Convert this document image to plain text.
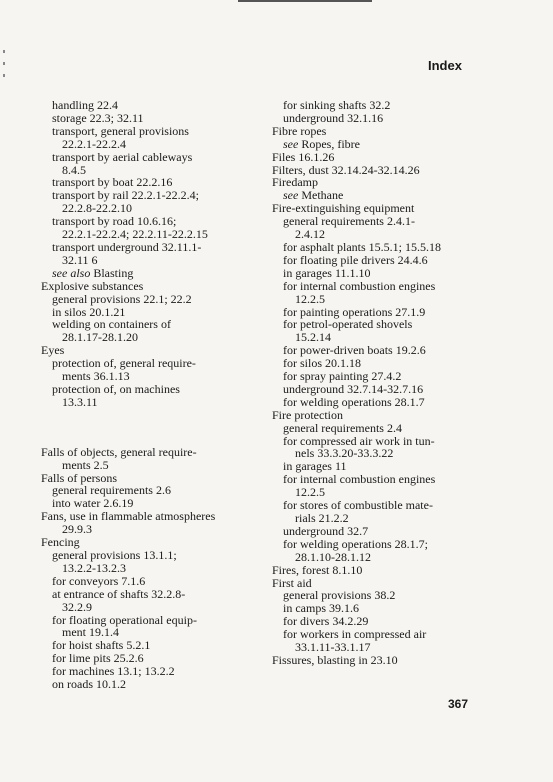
Index
handling 22.4
storage 22.3; 32.11
transport, general provisions
22.2.1-22.2.4
transport by aerial cableways
8.4.5
transport by boat 22.2.16
transport by rail 22.2.1-22.2.4;
22.2.8-22.2.10
transport by road 10.6.16;
22.2.1-22.2.4; 22.2.11-22.2.15
transport underground 32.11.1-
32.11 6
see also Blasting
Explosive substances
general provisions 22.1; 22.2
in silos 20.1.21
welding on containers of
28.1.17-28.1.20
Eyes
protection of, general require-
ments 36.1.13
protection of, on machines
13.3.11
Falls of objects, general require-
ments 2.5
Falls of persons
general requirements 2.6
into water 2.6.19
Fans, use in flammable atmospheres
29.9.3
Fencing
general provisions 13.1.1;
13.2.2-13.2.3
for conveyors 7.1.6
at entrance of shafts 32.2.8-
32.2.9
for floating operational equip-
ment 19.1.4
for hoist shafts 5.2.1
for lime pits 25.2.6
for machines 13.1; 13.2.2
on roads 10.1.2
for sinking shafts 32.2
underground 32.1.16
Fibre ropes
see Ropes, fibre
Files 16.1.26
Filters, dust 32.14.24-32.14.26
Firedamp
see Methane
Fire-extinguishing equipment
general requirements 2.4.1-
2.4.12
for asphalt plants 15.5.1; 15.5.18
for floating pile drivers 24.4.6
in garages 11.1.10
for internal combustion engines
12.2.5
for painting operations 27.1.9
for petrol-operated shovels
15.2.14
for power-driven boats 19.2.6
for silos 20.1.18
for spray painting 27.4.2
underground 32.7.14-32.7.16
for welding operations 28.1.7
Fire protection
general requirements 2.4
for compressed air work in tun-
nels 33.3.20-33.3.22
in garages 11
for internal combustion engines
12.2.5
for stores of combustible mate-
rials 21.2.2
underground 32.7
for welding operations 28.1.7;
28.1.10-28.1.12
Fires, forest 8.1.10
First aid
general provisions 38.2
in camps 39.1.6
for divers 34.2.29
for workers in compressed air
33.1.11-33.1.17
Fissures, blasting in 23.10
367
